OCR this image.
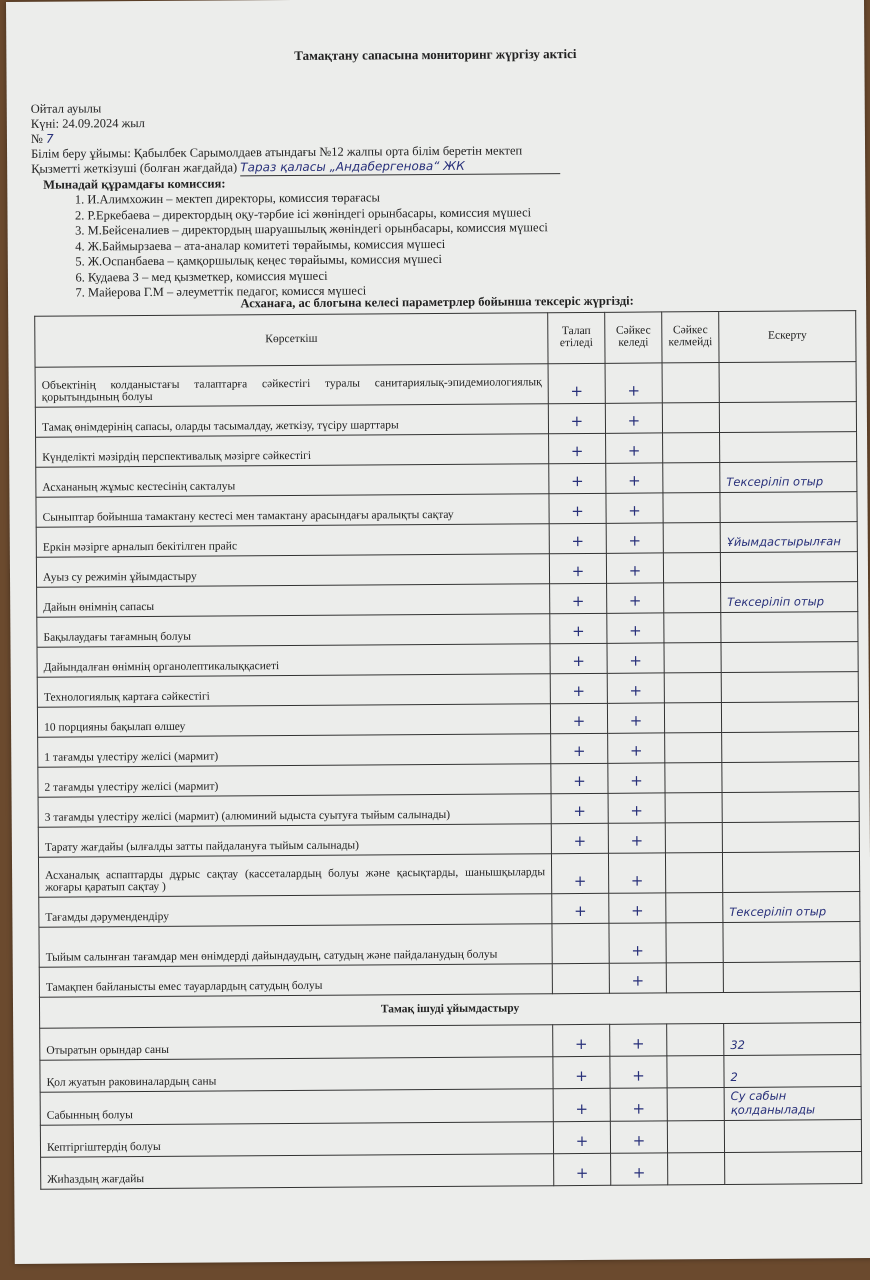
Тамақтану сапасына мониторинг жүргізу актісі
Ойтал ауылы
Күні: 24.09.2024 жыл
№ 7
Білім беру ұйымы: Қабылбек Сарымолдаев атындағы №12 жалпы орта білім беретін мектеп
Қызметті жеткізуші (болған жағдайда) Тараз қаласы „Андабергенова“ ЖК
Мынадай құрамдағы комиссия:
1. И.Алимхожин – мектеп директоры, комиссия төрағасы
2. Р.Еркебаева – директордың оқу-тәрбие ісі жөніндегі орынбасары, комиссия мүшесі
3. М.Бейсеналиев – директордың шаруашылық жөніндегі орынбасары, комиссия мүшесі
4. Ж.Баймырзаева – ата-аналар комитеті төрайымы, комиссия мүшесі
5. Ж.Оспанбаева – қамқоршылық кеңес төрайымы, комиссия мүшесі
6. Кудаева З – мед қызметкер, комиссия мүшесі
7. Майерова Г.М – әлеуметтік педагог, комисся мүшесі
Асханаға, ас блогына келесі параметрлер бойынша тексеріс жүргізді:
Көрсеткіш	Талап етіледі	Сәйкес келеді	Сәйкес келмейді	Ескерту
Объектінің колданыстағы талаптарға сәйкестігі туралы санитариялық-эпидемиологиялық қорытындының болуы	+	+		
Тамақ өнімдерінің сапасы, оларды тасымалдау, жеткізу, түсіру шарттары	+	+		
Күнделікті мәзірдің перспективалық мәзірге сәйкестігі	+	+		
Асхананың жұмыс кестесінің сакталуы	+	+		Тексеріліп отыр
Сыныптар бойынша тамактану кестесі мен тамактану арасындағы аралықты сақтау	+	+		
Еркін мәзірге арналып бекітілген прайс	+	+		Ұйымдастырылған
Ауыз су режимін ұйымдастыру	+	+		
Дайын өнімнің сапасы	+	+		Тексеріліп отыр
Бақылаудағы тағамның болуы	+	+		
Дайындалған өнімнің органолептикалыққасиеті	+	+		
Технологиялық картаға сәйкестігі	+	+		
10 порцияны бақылап өлшеу	+	+		
1 тағамды үлестіру желісі (мармит)	+	+		
2 тағамды үлестіру желісі (мармит)	+	+		
3 тағамды үлестіру желісі (мармит) (алюминий ыдыста суытуға тыйым салынады)	+	+		
Тарату жағдайы (ылғалды затты пайдалануға тыйым салынады)	+	+		
Асханалық аспаптарды дұрыс сақтау (кассеталардың болуы және қасықтарды, шанышқыларды жоғары қаратып сақтау )	+	+		
Тағамды дәрумендендіру	+	+		Тексеріліп отыр
Тыйым салынған тағамдар мен өнімдерді дайындаудың, сатудың және пайдаланудың болуы		+		
Тамақпен байланысты емес тауарлардың сатудың болуы		+		
Тамақ ішуді ұйымдастыру				
Отыратын орындар саны	+	+		32
Қол жуатын раковиналардың саны	+	+		2
Сабынның болуы	+	+		Су сабын қолданылады
Кептіргіштердің болуы	+	+		
Жиһаздың жағдайы	+	+		
